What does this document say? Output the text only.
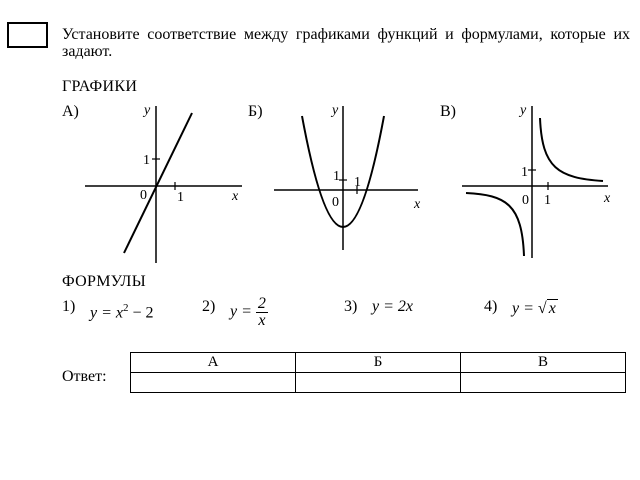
Установите соответствие между графиками функций и формулами, которые их задают.
ГРАФИКИ
А)	y
x
0 1
1
Б)	y
x
0
1
1
В)	y
x
0 1
1
ФОРМУЛЫ
1) $y = x^2 - 2$	2) $y = \frac{2}{x}$	3) y = 2x	4) y = √ x
Ответ:
А	Б	В
